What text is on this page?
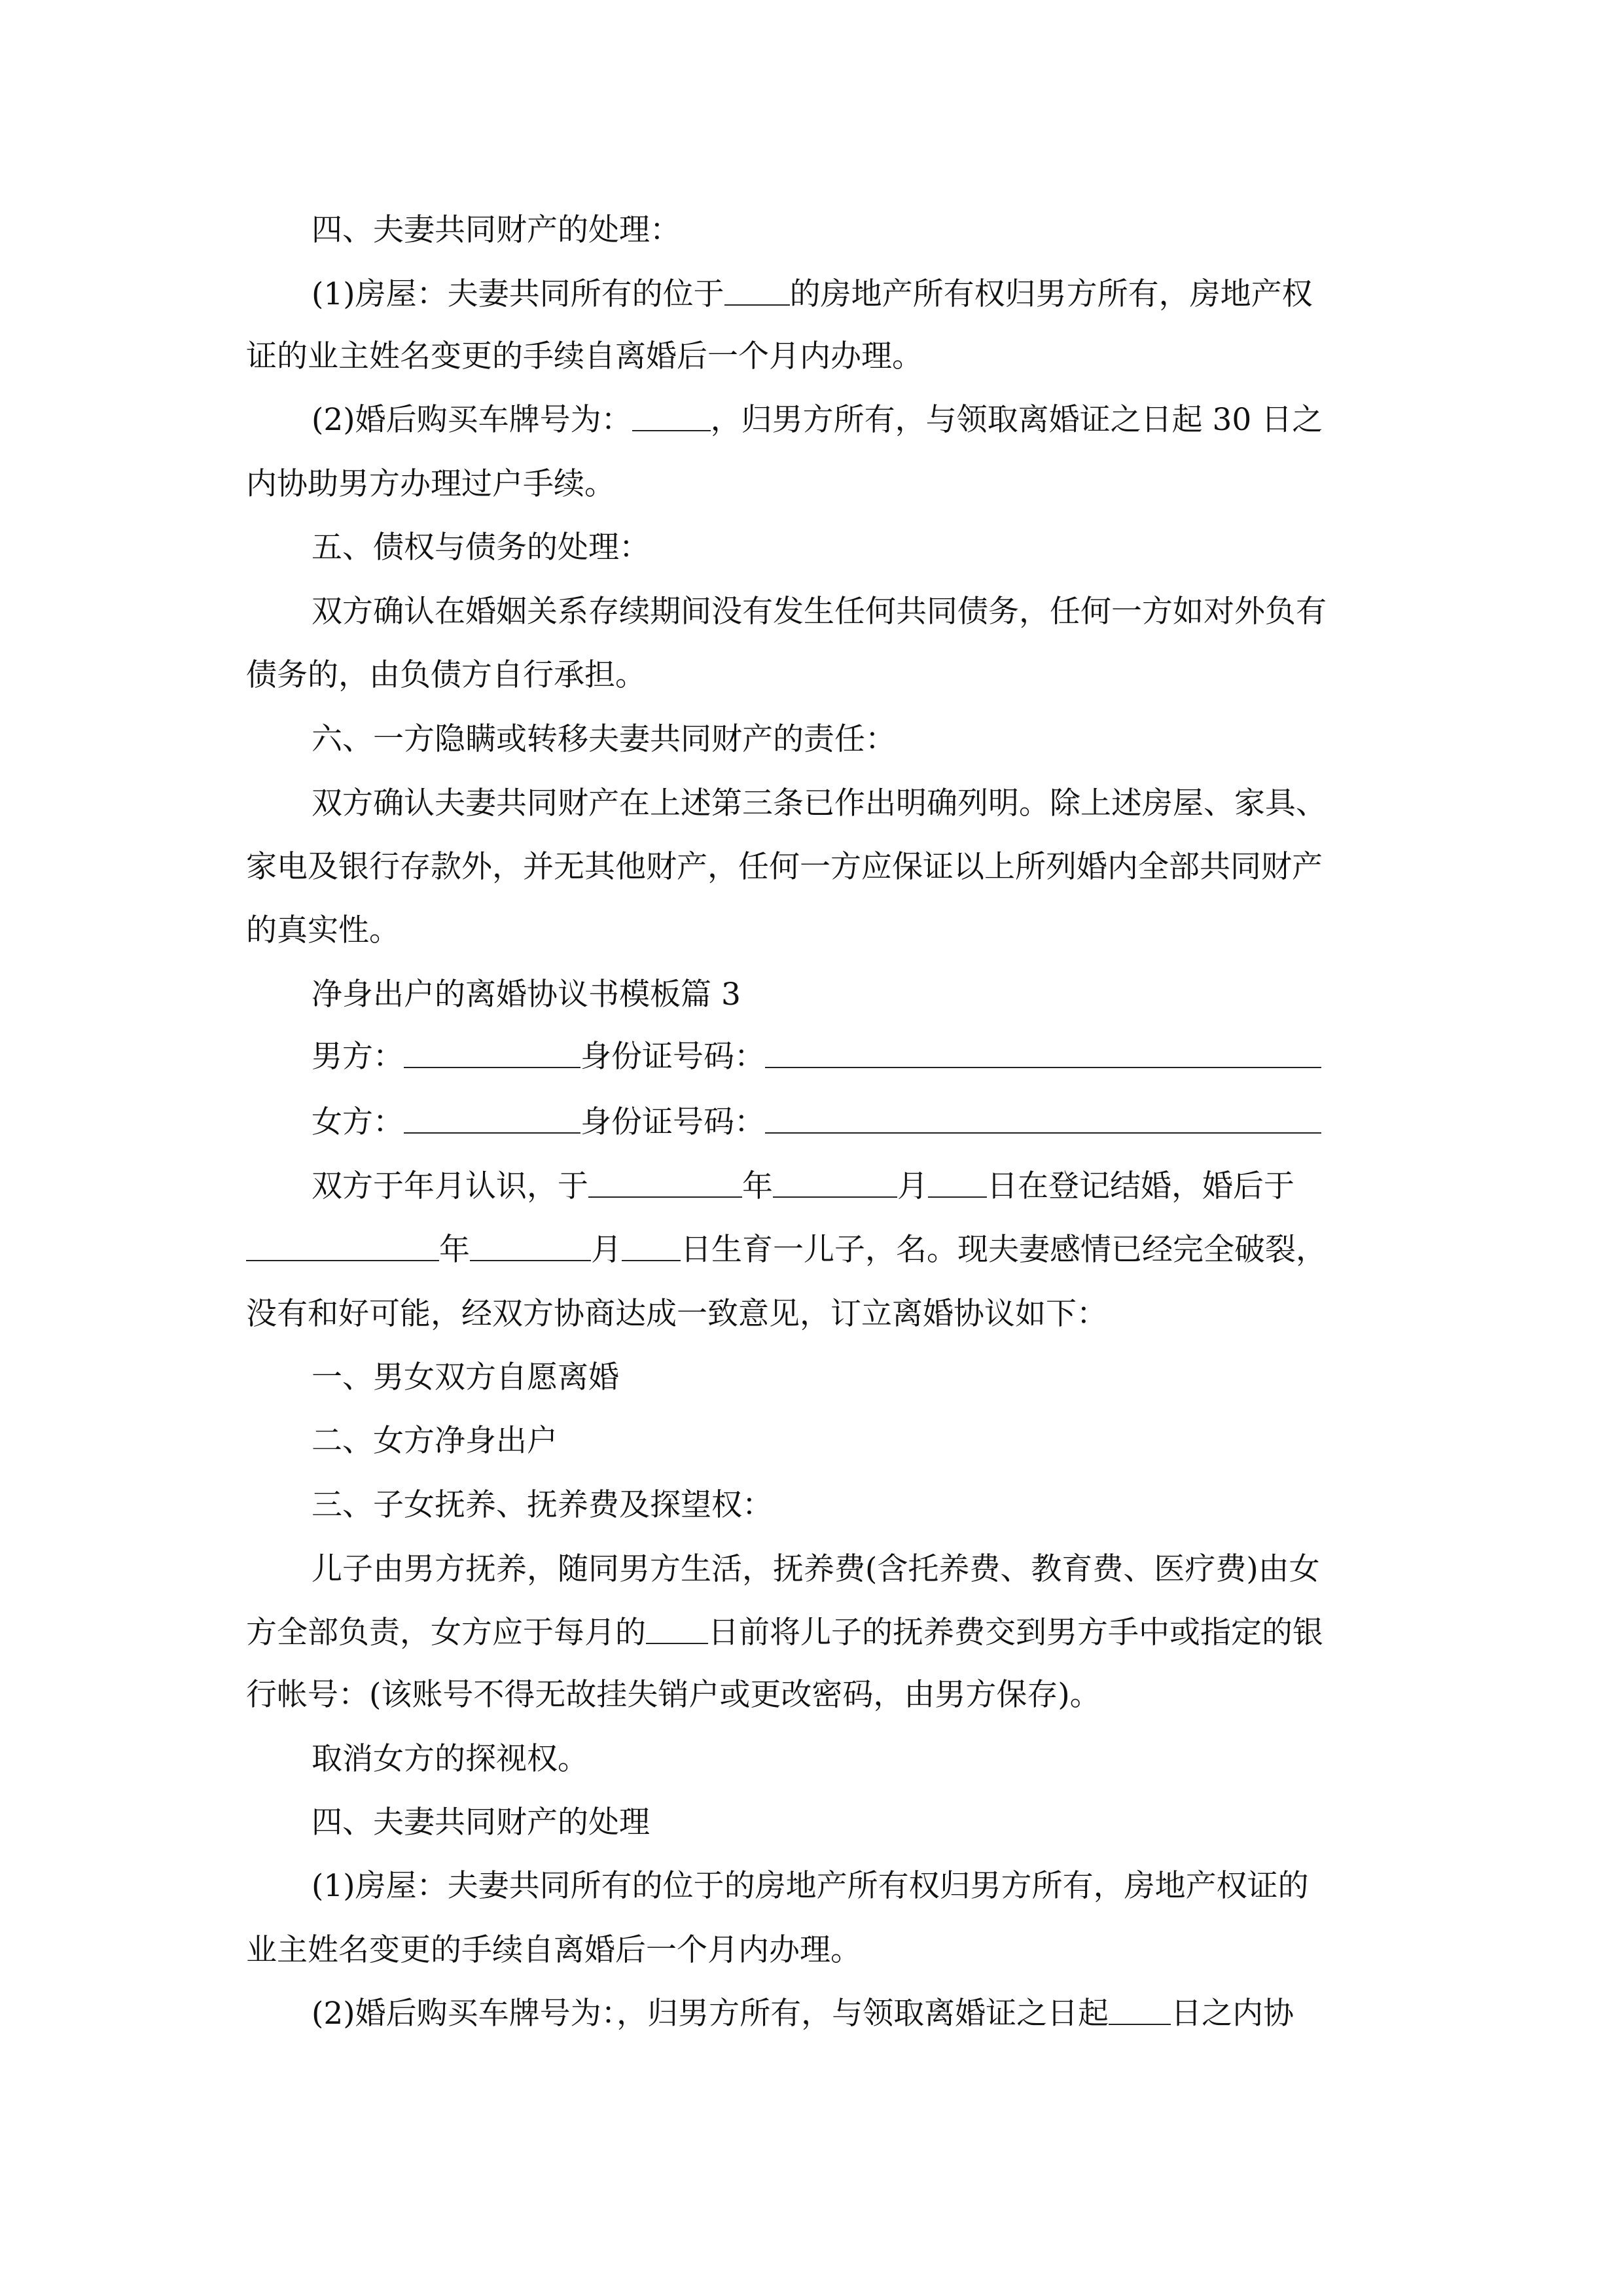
四、夫妻共同财产的处理：
(1)房屋：夫妻共同所有的位于 的房地产所有权归男方所有，房地产权
证的业主姓名变更的手续自离婚后一个月内办理。
(2)婚后购买车牌号为：	，归男方所有，与领取离婚证之日起 30 日之
内协助男方办理过户手续。
五、债权与债务的处理：
双方确认在婚姻关系存续期间没有发生任何共同债务，任何一方如对外负有
债务的，由负债方自行承担。
六、一方隐瞒或转移夫妻共同财产的责任：
双方确认夫妻共同财产在上述第三条已作出明确列明。除上述房屋、家具、
家电及银行存款外，并无其他财产，任何一方应保证以上所列婚内全部共同财产
的真实性。
净身出户的离婚协议书模板篇 3
男方：	身份证号码：
女方：	身份证号码：
双方于年月认识，于	年	月 日在登记结婚，婚后于
年	月 日生育一儿子，名。现夫妻感情已经完全破裂，
没有和好可能，经双方协商达成一致意见，订立离婚协议如下：
一、男女双方自愿离婚
二、女方净身出户
三、子女抚养、抚养费及探望权：
儿子由男方抚养，随同男方生活，抚养费(含托养费、教育费、医疗费)由女
方全部负责，女方应于每月的 日前将儿子的抚养费交到男方手中或指定的银
行帐号：(该账号不得无故挂失销户或更改密码，由男方保存)。
取消女方的探视权。
四、夫妻共同财产的处理
(1)房屋：夫妻共同所有的位于的房地产所有权归男方所有，房地产权证的
业主姓名变更的手续自离婚后一个月内办理。
(2)婚后购买车牌号为：，归男方所有，与领取离婚证之日起 日之内协
